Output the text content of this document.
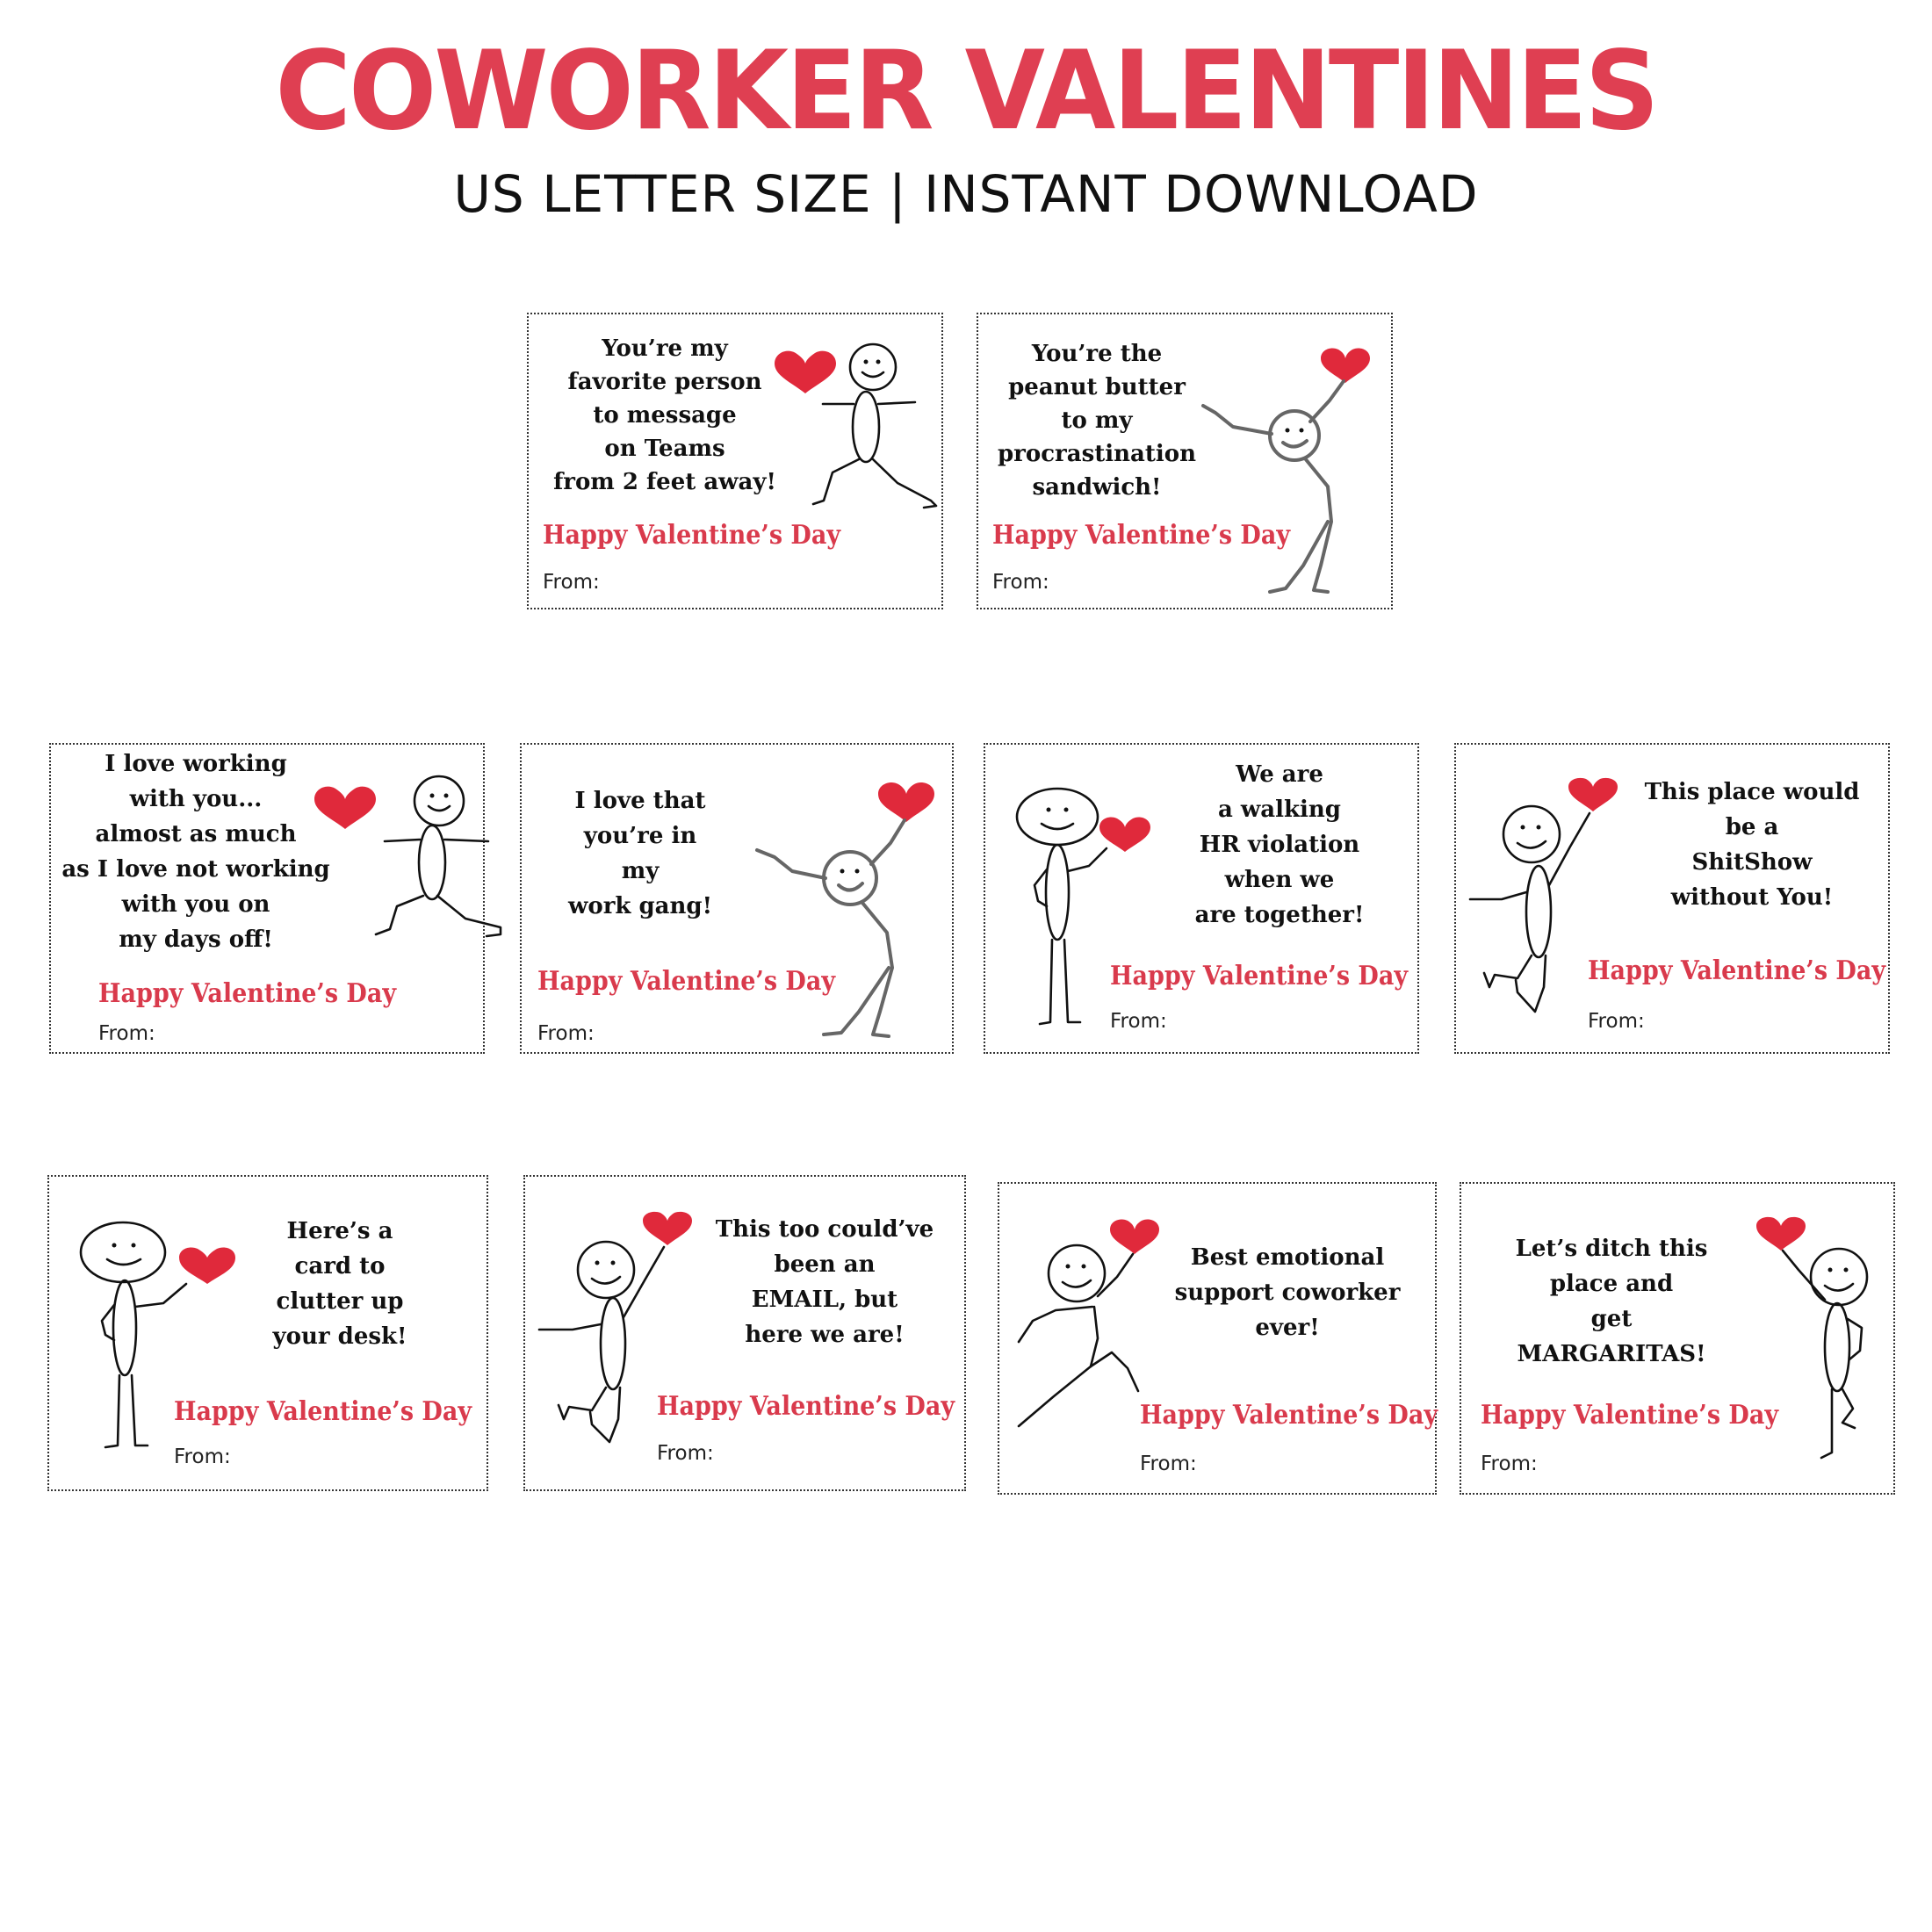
COWORKER VALENTINES
US LETTER SIZE | INSTANT DOWNLOAD
You’re my
favorite person
to message
on Teams
from 2 feet away!
Happy Valentine’s Day
From:
You’re the
peanut butter
to my
procrastination
sandwich!
Happy Valentine’s Day
From:
I love working
with you...
almost as much
as I love not working
with you on
my days off!
Happy Valentine’s Day
From:
I love that
you’re in
my
work gang!
Happy Valentine’s Day
From:
We are
a walking
HR violation
when we
are together!
Happy Valentine’s Day
From:
This place would
be a
ShitShow
without You!
Happy Valentine’s Day
From:
Here’s a
card to
clutter up
your desk!
Happy Valentine’s Day
From:
This too could’ve
been an
EMAIL, but
here we are!
Happy Valentine’s Day
From:
Best emotional
support coworker
ever!
Happy Valentine’s Day
From:
Let’s ditch this
place and
get
MARGARITAS!
Happy Valentine’s Day
From:
